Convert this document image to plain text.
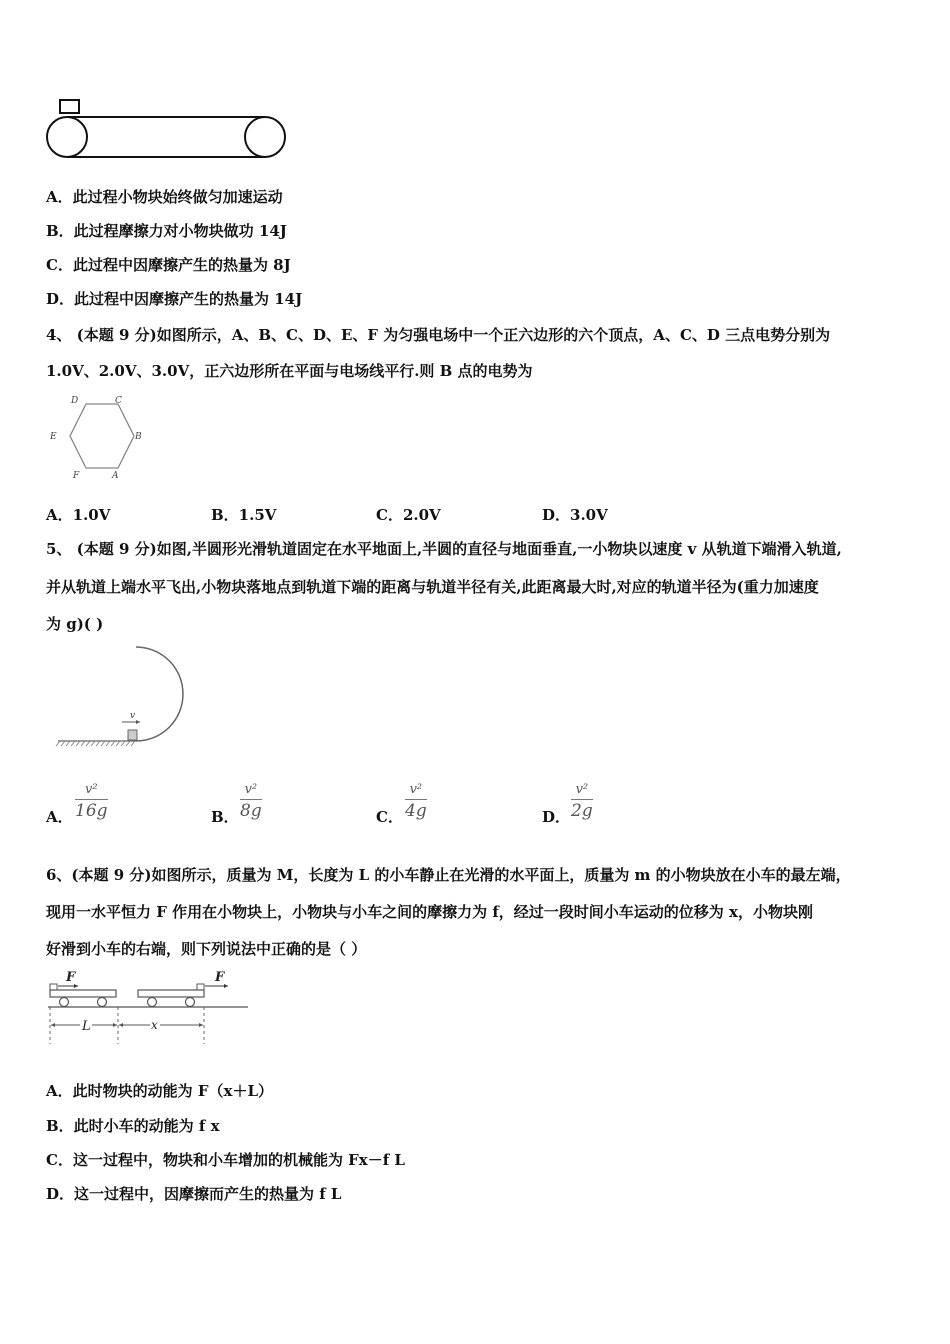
A．此过程小物块始终做匀加速运动
B．此过程摩擦力对小物块做功 14J
C．此过程中因摩擦产生的热量为 8J
D．此过程中因摩擦产生的热量为 14J
4、 (本题 9 分)如图所示，A、B、C、D、E、F 为匀强电场中一个正六边形的六个顶点，A、C、D 三点电势分别为
1.0V、2.0V、3.0V，正六边形所在平面与电场线平行.则 B 点的电势为
D	C
E	B
F	A
A．1.0V	B．1.5V	C．2.0V	D．3.0V
5、 (本题 9 分)如图,半圆形光滑轨道固定在水平地面上,半圆的直径与地面垂直,一小物块以速度 v 从轨道下端滑入轨道,
并从轨道上端水平飞出,小物块落地点到轨道下端的距离与轨道半径有关,此距离最大时,对应的轨道半径为(重力加速度
为 g)( )
v
A．
v²
16g	B．
v²
8g	C．
v²
4g	D．
v²
2g
6、(本题 9 分)如图所示，质量为 M，长度为 L 的小车静止在光滑的水平面上，质量为 m 的小物块放在小车的最左端，
现用一水平恒力 F 作用在小物块上，小物块与小车之间的摩擦力为 f，经过一段时间小车运动的位移为 x，小物块刚
好滑到小车的右端，则下列说法中正确的是（ ）
F	F
L	x
A．此时物块的动能为 F（x＋L）
B．此时小车的动能为 f x
C．这一过程中，物块和小车增加的机械能为 Fx－f L
D．这一过程中，因摩擦而产生的热量为 f L
